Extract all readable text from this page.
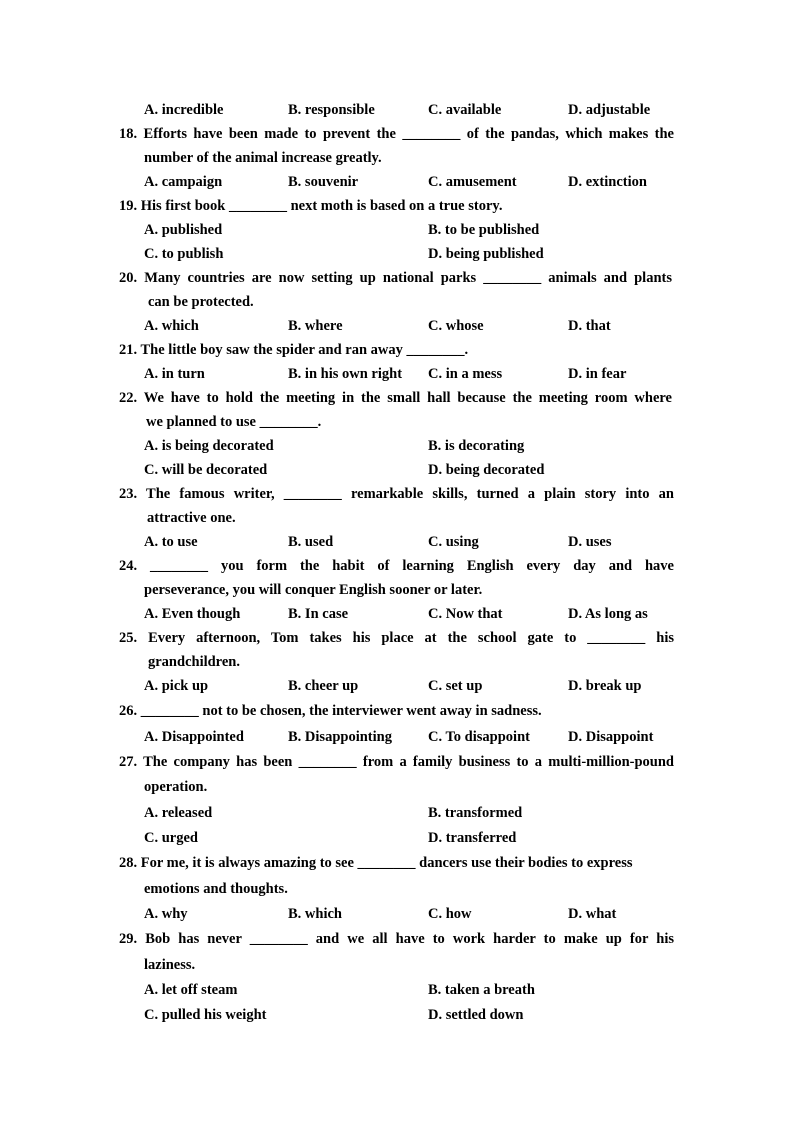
A. incredible	B. responsible	C. available	D. adjustable
18. Efforts have been made to prevent the ________ of the pandas, which makes the
number of the animal increase greatly.
A. campaign	B. souvenir	C. amusement	D. extinction
19. His first book ________ next moth is based on a true story.
A. published	B. to be published
C. to publish	D. being published
20. Many countries are now setting up national parks ________ animals and plants
can be protected.
A. which	B. where	C. whose	D. that
21. The little boy saw the spider and ran away ________.
A. in turn	B. in his own right C. in a mess	D. in fear
22. We have to hold the meeting in the small hall because the meeting room where
we planned to use ________.
A. is being decorated	B. is decorating
C. will be decorated	D. being decorated
23. The famous writer, ________ remarkable skills, turned a plain story into an
attractive one.
A. to use	B. used	C. using	D. uses
24. ________ you form the habit of learning English every day and have
perseverance, you will conquer English sooner or later.
A. Even though	B. In case	C. Now that	D. As long as
25. Every afternoon, Tom takes his place at the school gate to ________ his
grandchildren.
A. pick up	B. cheer up	C. set up	D. break up
26. ________ not to be chosen, the interviewer went away in sadness.
A. Disappointed	B. Disappointing C. To disappoint	D. Disappoint
27. The company has been ________ from a family business to a multi-million-pound
operation.
A. released	B. transformed
C. urged	D. transferred
28. For me, it is always amazing to see ________ dancers use their bodies to express
emotions and thoughts.
A. why	B. which	C. how	D. what
29. Bob has never ________ and we all have to work harder to make up for his
laziness.
A. let off steam	B. taken a breath
C. pulled his weight	D. settled down
